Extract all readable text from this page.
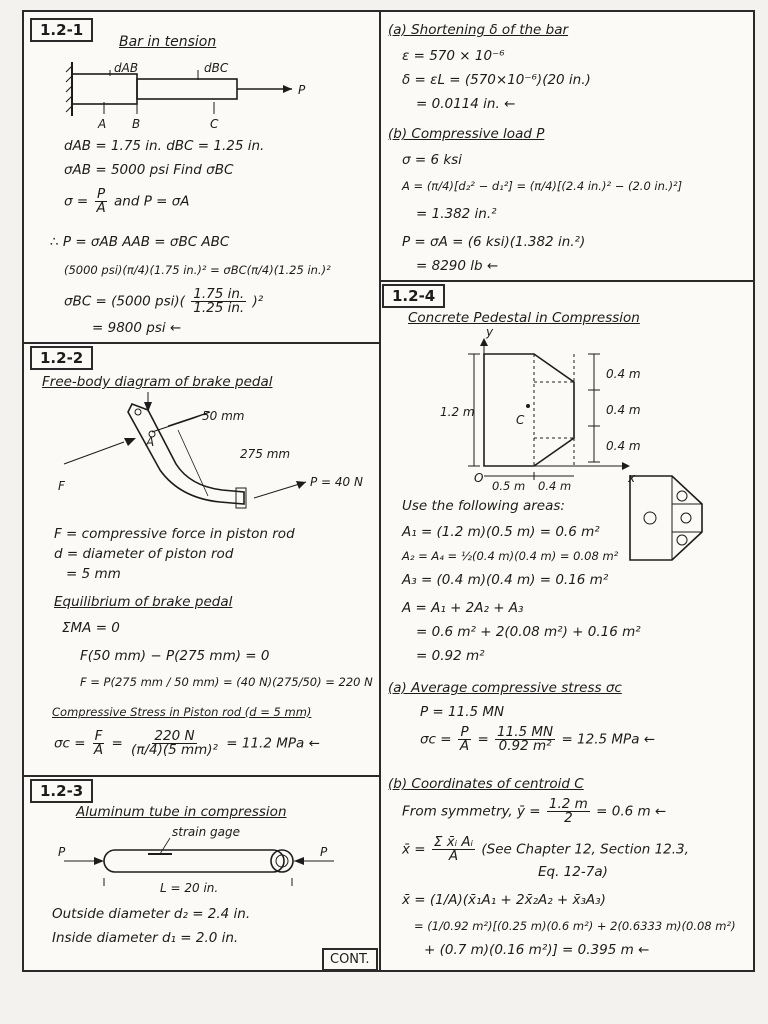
1.2-1
Bar in tension
dAB	dBC
P
A B	C
dAB = 1.75 in. dBC = 1.25 in.
σAB = 5000 psi Find σBC
$\sigma = \frac{P}{A}$ and P = σA
∴ P = σAB AAB = σBC ABC
(5000 psi)(π/4)(1.75 in.)² = σBC(π/4)(1.25 in.)²
σBC = (5000 $psi)( \frac{1.75 in.}{1.25 in.} )^2$
= 9800 psi ←
1.2-2
Free-body diagram of brake pedal
A
50 mm
275 mm
F	P = 40 N
F = compressive force in piston rod
d = diameter of piston rod
= 5 mm
Equilibrium of brake pedal
ΣMA = 0
F(50 mm) − P(275 mm) = 0
F = P(275 mm / 50 mm) = (40 N)(275/50) = 220 N
Compressive Stress in Piston rod (d = 5 mm)
$\sigma c = \frac{F}{A} = \frac{220 N}{\text{(π/4)(5 mm)²}} = 11.2$ MPa ←
1.2-3
Aluminum tube in compression
strain gage
P	P
L = 20 in.
Outside diameter d₂ = 2.4 in.
Inside diameter d₁ = 2.0 in.
CONT.
(a) Shortening δ of the bar
ε = 570 × 10⁻⁶
δ = εL = (570×10⁻⁶)(20 in.)
= 0.0114 in. ←
(b) Compressive load P
σ = 6 ksi
A = (π/4)[d₂² − d₁²] = (π/4)[(2.4 in.)² − (2.0 in.)²]
= 1.382 in.²
P = σA = (6 ksi)(1.382 in.²)
= 8290 lb ←
1.2-4
Concrete Pedestal in Compression
y
x
O
1.2 m
C
0.4 m
0.4 m
0.4 m
0.5 m 0.4 m
Use the following areas:
A₁ = (1.2 m)(0.5 m) = 0.6 m²
A₂ = A₄ = ½(0.4 m)(0.4 m) = 0.08 m²
A₃ = (0.4 m)(0.4 m) = 0.16 m²
A = A₁ + 2A₂ + A₃
= 0.6 m² + 2(0.08 m²) + 0.16 m²
= 0.92 m²
(a) Average compressive stress σc
P = 11.5 MN
$\sigma c = \frac{P}{A} = \frac{11.5 MN}{\text{0.92 m²}} = 12.5$ MPa ←
(b) Coordinates of centroid C
From symmetry, ȳ = $\frac{1.2 m}{2} = 0.6$ m ←
x̄ = $\frac{\text{Σ x̄ᵢ Aᵢ}}{A} (See$ Chapter 12, Section 12.3,
Eq. 12-7a)
x̄ = (1/A)(x̄₁A₁ + 2x̄₂A₂ + x̄₃A₃)
= (1/0.92 m²)[(0.25 m)(0.6 m²) + 2(0.6333 m)(0.08 m²)
+ (0.7 m)(0.16 m²)] = 0.395 m ←
